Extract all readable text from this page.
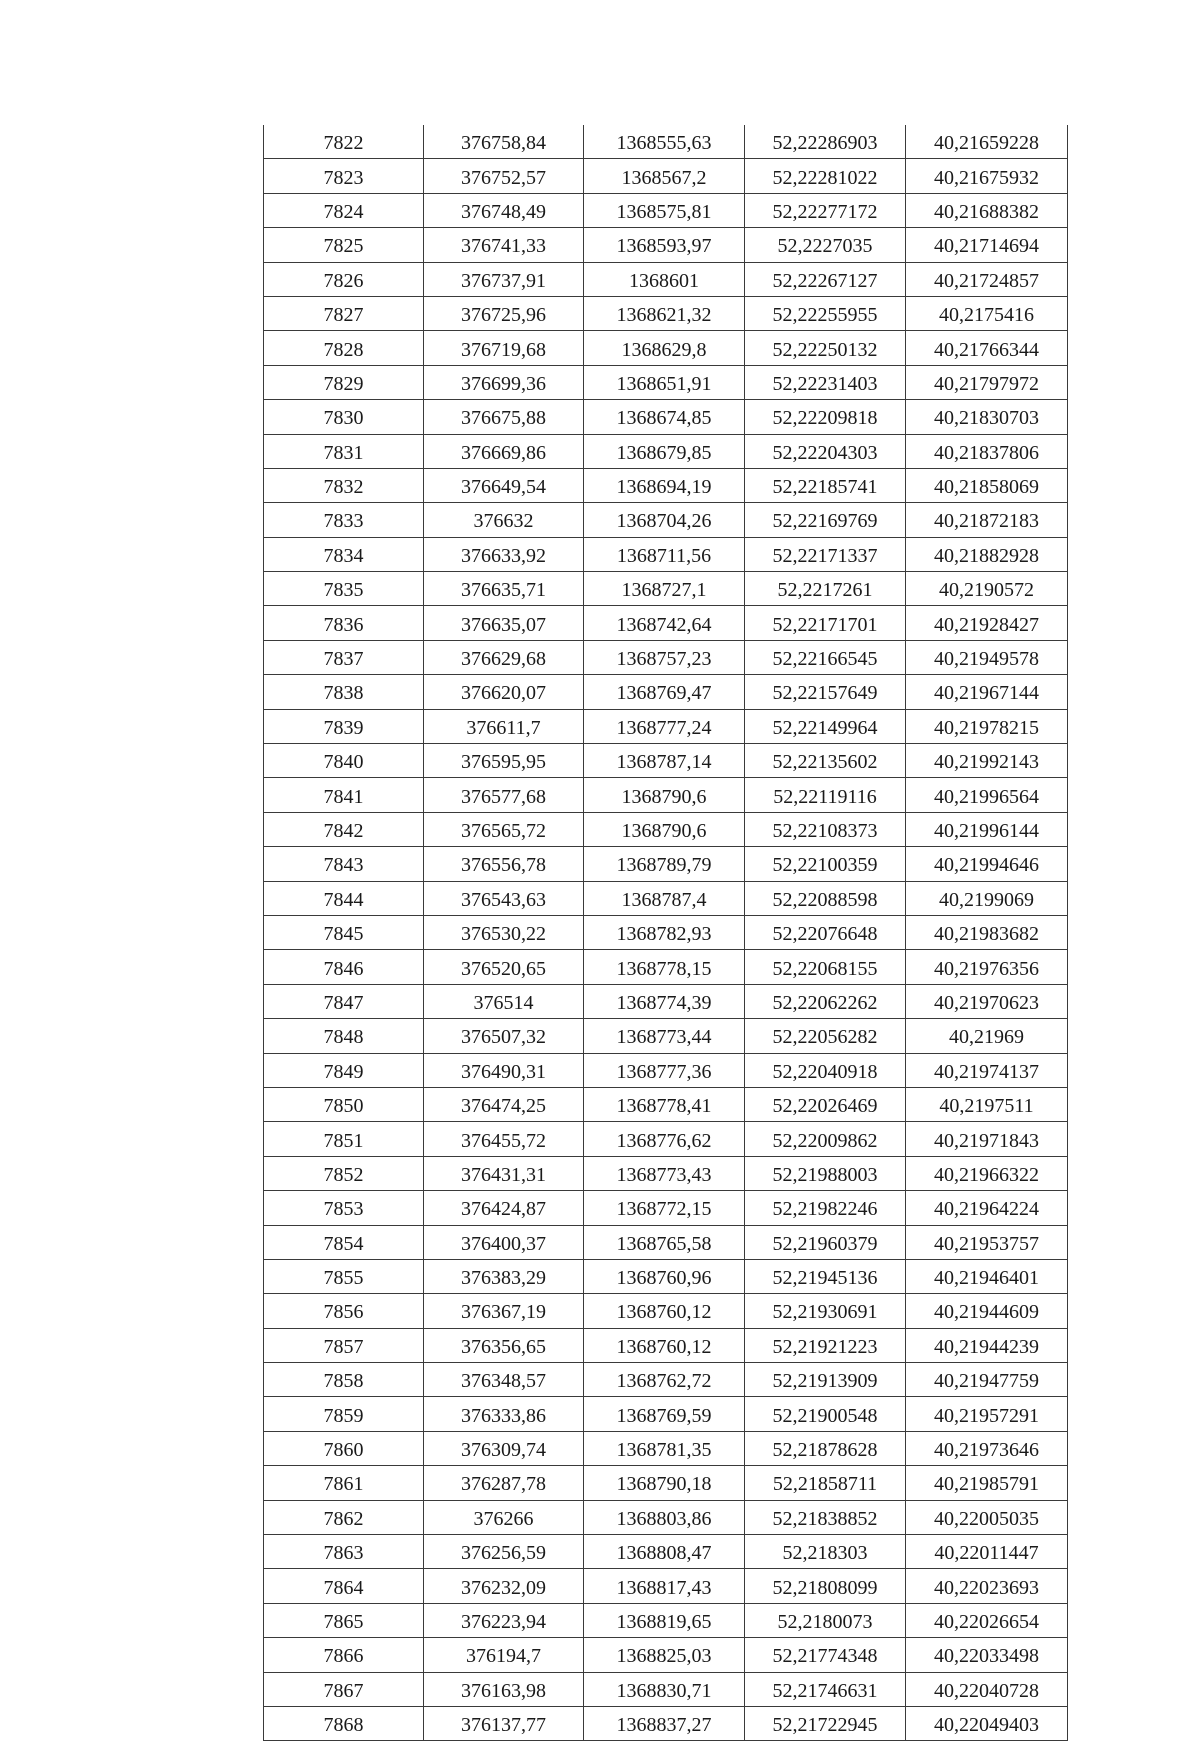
7822	376758,84	1368555,63	52,22286903	40,21659228
7823	376752,57	1368567,2	52,22281022	40,21675932
7824	376748,49	1368575,81	52,22277172	40,21688382
7825	376741,33	1368593,97	52,2227035	40,21714694
7826	376737,91	1368601	52,22267127	40,21724857
7827	376725,96	1368621,32	52,22255955	40,2175416
7828	376719,68	1368629,8	52,22250132	40,21766344
7829	376699,36	1368651,91	52,22231403	40,21797972
7830	376675,88	1368674,85	52,22209818	40,21830703
7831	376669,86	1368679,85	52,22204303	40,21837806
7832	376649,54	1368694,19	52,22185741	40,21858069
7833	376632	1368704,26	52,22169769	40,21872183
7834	376633,92	1368711,56	52,22171337	40,21882928
7835	376635,71	1368727,1	52,2217261	40,2190572
7836	376635,07	1368742,64	52,22171701	40,21928427
7837	376629,68	1368757,23	52,22166545	40,21949578
7838	376620,07	1368769,47	52,22157649	40,21967144
7839	376611,7	1368777,24	52,22149964	40,21978215
7840	376595,95	1368787,14	52,22135602	40,21992143
7841	376577,68	1368790,6	52,22119116	40,21996564
7842	376565,72	1368790,6	52,22108373	40,21996144
7843	376556,78	1368789,79	52,22100359	40,21994646
7844	376543,63	1368787,4	52,22088598	40,2199069
7845	376530,22	1368782,93	52,22076648	40,21983682
7846	376520,65	1368778,15	52,22068155	40,21976356
7847	376514	1368774,39	52,22062262	40,21970623
7848	376507,32	1368773,44	52,22056282	40,21969
7849	376490,31	1368777,36	52,22040918	40,21974137
7850	376474,25	1368778,41	52,22026469	40,2197511
7851	376455,72	1368776,62	52,22009862	40,21971843
7852	376431,31	1368773,43	52,21988003	40,21966322
7853	376424,87	1368772,15	52,21982246	40,21964224
7854	376400,37	1368765,58	52,21960379	40,21953757
7855	376383,29	1368760,96	52,21945136	40,21946401
7856	376367,19	1368760,12	52,21930691	40,21944609
7857	376356,65	1368760,12	52,21921223	40,21944239
7858	376348,57	1368762,72	52,21913909	40,21947759
7859	376333,86	1368769,59	52,21900548	40,21957291
7860	376309,74	1368781,35	52,21878628	40,21973646
7861	376287,78	1368790,18	52,21858711	40,21985791
7862	376266	1368803,86	52,21838852	40,22005035
7863	376256,59	1368808,47	52,218303	40,22011447
7864	376232,09	1368817,43	52,21808099	40,22023693
7865	376223,94	1368819,65	52,2180073	40,22026654
7866	376194,7	1368825,03	52,21774348	40,22033498
7867	376163,98	1368830,71	52,21746631	40,22040728
7868	376137,77	1368837,27	52,21722945	40,22049403
